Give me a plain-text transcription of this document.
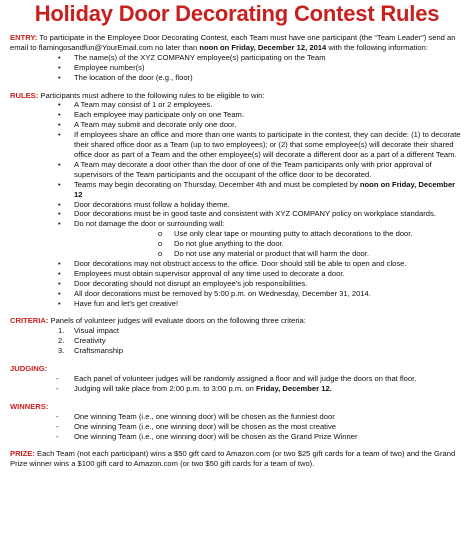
Holiday Door Decorating Contest Rules

ENTRY: To participate in the Employee Door Decorating Contest, each Team must have one participant (the “Team Leader”) send an email to flamingosandfun@YourEmail.com no later than noon on Friday, December 12, 2014 with the following information:

• The name(s) of the XYZ COMPANY employee(s) participating on the Team
• Employee number(s)
• The location of the door (e.g., floor)

RULES: Participants must adhere to the following rules to be eligible to win:

• A Team may consist of 1 or 2 employees.
• Each employee may participate only on one Team.
• A Team may submit and decorate only one door.
• If employees share an office and more than one wants to participate in the contest, they can decide: (1) to decorate their shared office door as a Team (up to two employees); or (2) that some employee(s) will decorate their shared office door as part of a Team and the other employee(s) will decorate a different door as a part of a different Team.
• A Team may decorate a door other than the door of one of the Team participants only with prior approval of supervisors of the Team participants and the occupant of the office door to be decorated.
• Teams may begin decorating on Thursday, December 4th and must be completed by noon on Friday, December 12
• Door decorations must follow a holiday theme.
• Door decorations must be in good taste and consistent with XYZ COMPANY policy on workplace standards.
• Do not damage the door or surrounding wall:
o Use only clear tape or mounting putty to attach decorations to the door.
o Do not glue anything to the door.
o Do not use any material or product that will harm the door.
• Door decorations may not obstruct access to the office. Door should still be able to open and close.
• Employees must obtain supervisor approval of any time used to decorate a door.
• Door decorating should not disrupt an employee’s job responsibilities.
• All door decorations must be removed by 5:00 p.m. on Wednesday, December 31, 2014.
• Have fun and let’s get creative!

CRITERIA: Panels of volunteer judges will evaluate doors on the following three criteria:

1. Visual impact
2. Creativity
3. Craftsmanship

JUDGING:

- Each panel of volunteer judges will be randomly assigned a floor and will judge the doors on that floor.
- Judging will take place from 2:00 p.m. to 3:00 p.m. on Friday, December 12.

WINNERS:

- One winning Team (i.e., one winning door) will be chosen as the funniest door
- One winning Team (i.e., one winning door) will be chosen as the most creative
- One winning Team (i.e., one winning door) will be chosen as the Grand Prize Winner

PRIZE: Each Team (not each participant) wins a $50 gift card to Amazon.com (or two $25 gift cards for a team of two) and the Grand Prize winner wins a $100 gift card to Amazon.com (or two $50 gift cards for a team of two).
